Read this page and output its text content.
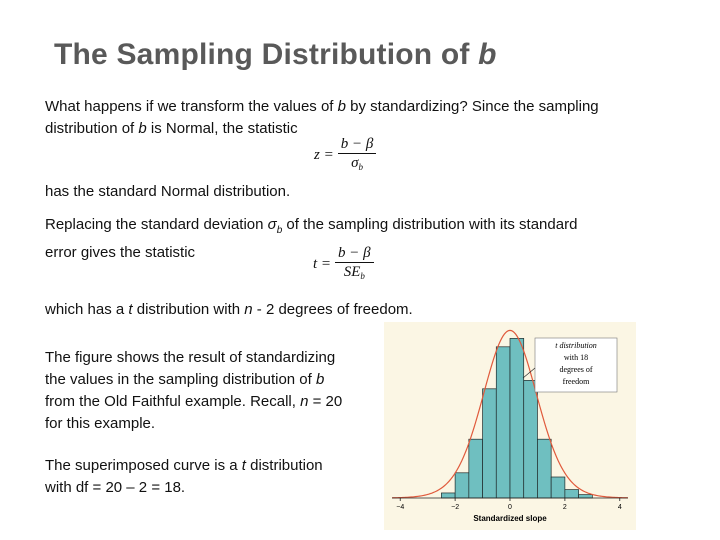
The Sampling Distribution of b
What happens if we transform the values of b by standardizing? Since the sampling distribution of b is Normal, the statistic
$z = \frac{b - \beta}{\sigma_b}$
has the standard Normal distribution.
Replacing the standard deviation $\sigma_b$ of the sampling distribution with its standard error gives the statistic
$t = \frac{b - \beta}{SE_b}$
which has a t distribution with n - 2 degrees of freedom.
The figure shows the result of standardizing the values in the sampling distribution of b from the Old Faithful example. Recall, n = 20 for this example.
The superimposed curve is a t distribution with df = 20 – 2 = 18.
−4	−2	0	2	4
Standardized slope
t distribution
with 18
degrees of
freedom
